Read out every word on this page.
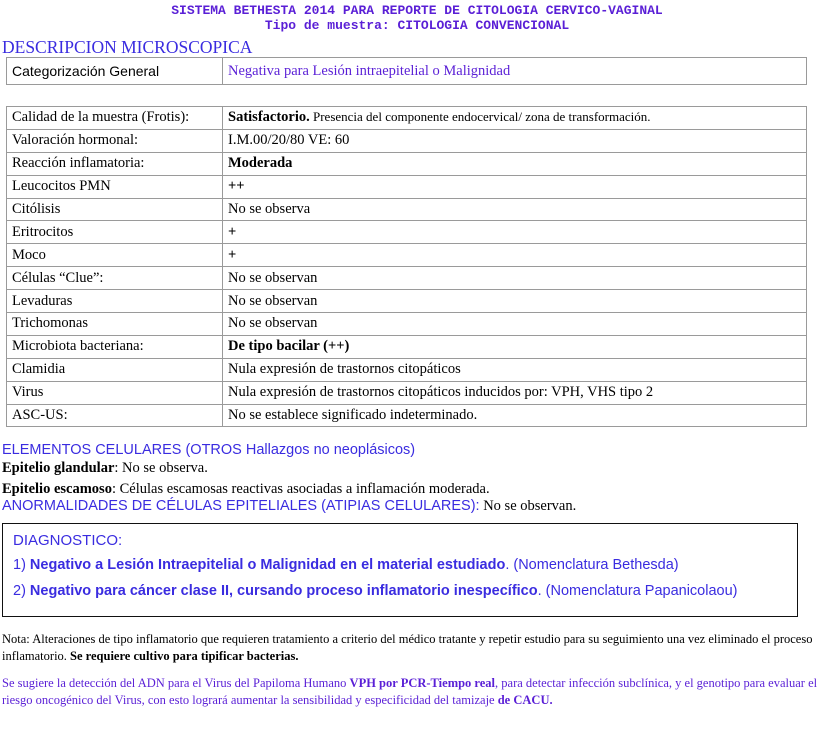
SISTEMA BETHESTA 2014 PARA REPORTE DE CITOLOGIA CERVICO-VAGINAL
Tipo de muestra: CITOLOGIA CONVENCIONAL
DESCRIPCION MICROSCOPICA
Categorización General	Negativa para Lesión intraepitelial o Malignidad
Calidad de la muestra (Frotis):	Satisfactorio. Presencia del componente endocervical/ zona de transformación.
Valoración hormonal:	I.M.00/20/80 VE: 60
Reacción inflamatoria:	Moderada
Leucocitos PMN	++
Citólisis	No se observa
Eritrocitos	+
Moco	+
Células “Clue”:	No se observan
Levaduras	No se observan
Trichomonas	No se observan
Microbiota bacteriana:	De tipo bacilar (++)
Clamidia	Nula expresión de trastornos citopáticos
Virus	Nula expresión de trastornos citopáticos inducidos por: VPH, VHS tipo 2
ASC-US:	No se establece significado indeterminado.
ELEMENTOS CELULARES (OTROS Hallazgos no neoplásicos)
Epitelio glandular: No se observa.
Epitelio escamoso: Células escamosas reactivas asociadas a inflamación moderada.
ANORMALIDADES DE CÉLULAS EPITELIALES (ATIPIAS CELULARES): No se observan.
DIAGNOSTICO:
1) Negativo a Lesión Intraepitelial o Malignidad en el material estudiado. (Nomenclatura Bethesda)
2) Negativo para cáncer clase II, cursando proceso inflamatorio inespecífico. (Nomenclatura Papanicolaou)
Nota: Alteraciones de tipo inflamatorio que requieren tratamiento a criterio del médico tratante y repetir estudio para su seguimiento una vez eliminado el proceso inflamatorio. Se requiere cultivo para tipificar bacterias.
Se sugiere la detección del ADN para el Virus del Papiloma Humano VPH por PCR-Tiempo real, para detectar infección subclínica, y el genotipo para evaluar el riesgo oncogénico del Virus, con esto logrará aumentar la sensibilidad y especificidad del tamizaje de CACU.
